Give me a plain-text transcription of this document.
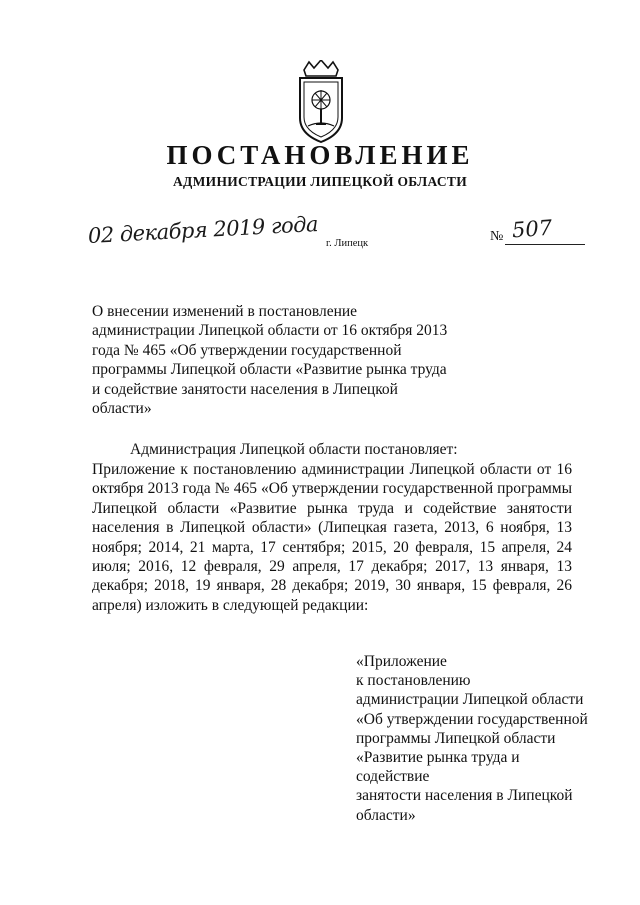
ПОСТАНОВЛЕНИЕ
АДМИНИСТРАЦИИ ЛИПЕЦКОЙ ОБЛАСТИ
02 декабря 2019 года г. Липецк	№ 507

О внесении изменений в постановление администрации Липецкой области от 16 октября 2013 года № 465 «Об утверждении государственной программы Липецкой области «Развитие рынка труда и содействие занятости населения в Липецкой области»

Администрация Липецкой области постановляет:

Приложение к постановлению администрации Липецкой области от 16 октября 2013 года № 465 «Об утверждении государственной программы Липецкой области «Развитие рынка труда и содействие занятости населения в Липецкой области» (Липецкая газета, 2013, 6 ноября, 13 ноября; 2014, 21 марта, 17 сентября; 2015, 20 февраля, 15 апреля, 24 июля; 2016, 12 февраля, 29 апреля, 17 декабря; 2017, 13 января, 13 декабря; 2018, 19 января, 28 декабря; 2019, 30 января, 15 февраля, 26 апреля) изложить в следующей редакции:

«Приложение
к постановлению
администрации Липецкой области
«Об утверждении государственной
программы Липецкой области
«Развитие рынка труда и содействие
занятости населения в Липецкой
области»
